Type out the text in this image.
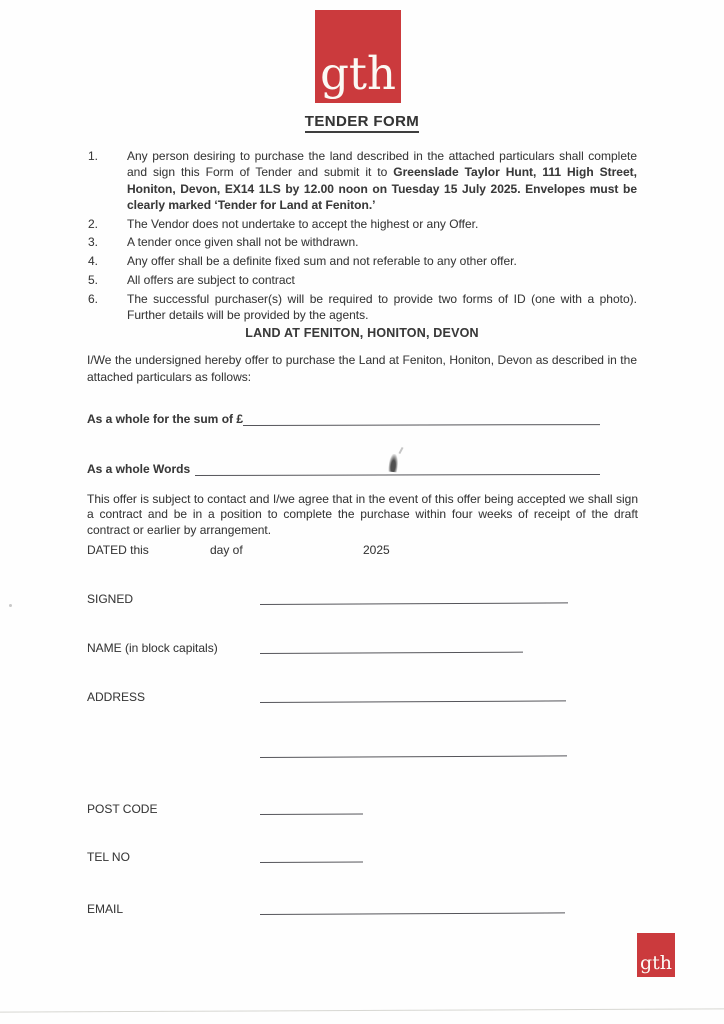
gth
TENDER FORM
1.	Any person desiring to purchase the land described in the attached particulars shall complete and sign this Form of Tender and submit it to Greenslade Taylor Hunt, 111 High Street, Honiton, Devon, EX14 1LS by 12.00 noon on Tuesday 15 July 2025. Envelopes must be clearly marked ‘Tender for Land at Feniton.’

2.	The Vendor does not undertake to accept the highest or any Offer.

3.	A tender once given shall not be withdrawn.

4.	Any offer shall be a definite fixed sum and not referable to any other offer.

5.	All offers are subject to contract

6.	The successful purchaser(s) will be required to provide two forms of ID (one with a photo). Further details will be provided by the agents.

LAND AT FENITON, HONITON, DEVON

I/We the undersigned hereby offer to purchase the Land at Feniton, Honiton, Devon as described in the attached particulars as follows:

As a whole for the sum of £
As a whole Words

This offer is subject to contact and I/we agree that in the event of this offer being accepted we shall sign a contract and be in a position to complete the purchase within four weeks of receipt of the draft contract or earlier by arrangement.

DATED this	day of	2025
SIGNED
NAME (in block capitals)
ADDRESS
POST CODE
TEL NO
EMAIL
gth
